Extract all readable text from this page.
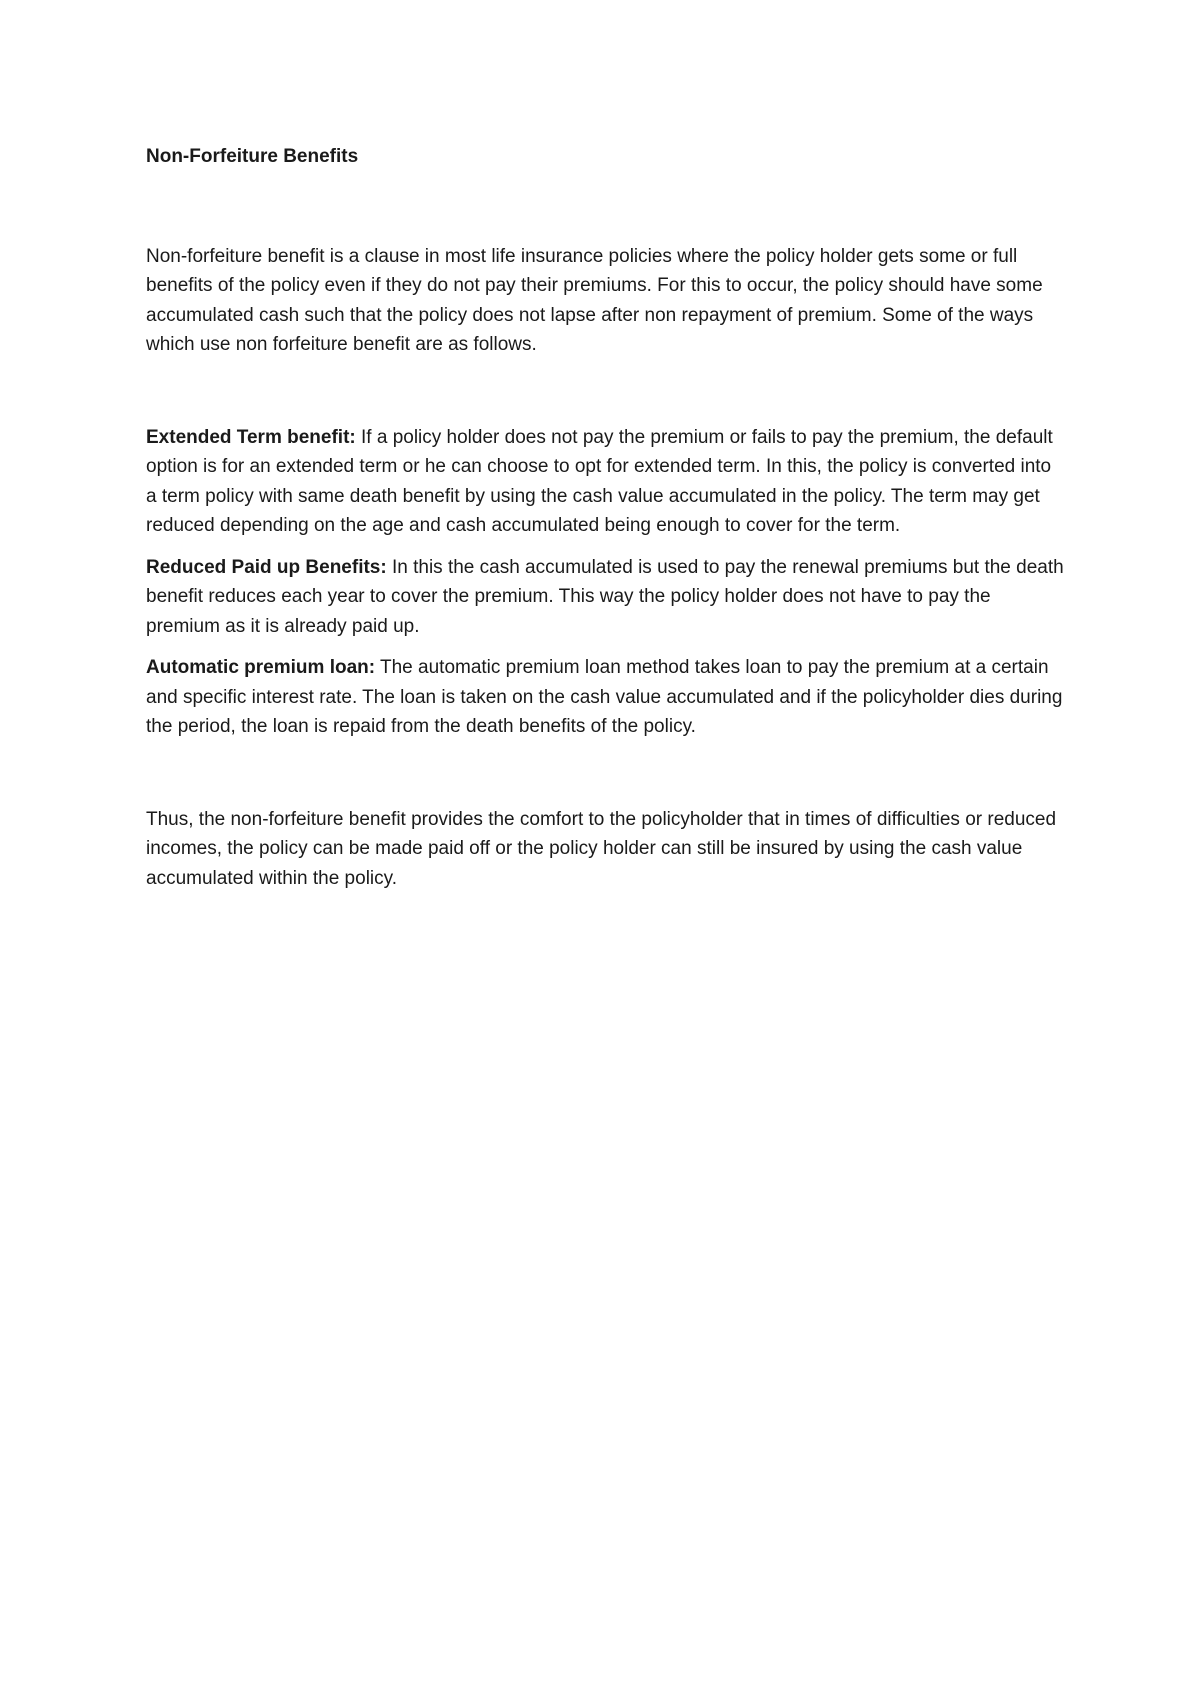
Non-Forfeiture Benefits

Non-forfeiture benefit is a clause in most life insurance policies where the policy holder gets some or full benefits of the policy even if they do not pay their premiums. For this to occur, the policy should have some accumulated cash such that the policy does not lapse after non repayment of premium. Some of the ways which use non forfeiture benefit are as follows.

Extended Term benefit: If a policy holder does not pay the premium or fails to pay the premium, the default option is for an extended term or he can choose to opt for extended term. In this, the policy is converted into a term policy with same death benefit by using the cash value accumulated in the policy. The term may get reduced depending on the age and cash accumulated being enough to cover for the term.

Reduced Paid up Benefits: In this the cash accumulated is used to pay the renewal premiums but the death benefit reduces each year to cover the premium. This way the policy holder does not have to pay the premium as it is already paid up.

Automatic premium loan: The automatic premium loan method takes loan to pay the premium at a certain and specific interest rate. The loan is taken on the cash value accumulated and if the policyholder dies during the period, the loan is repaid from the death benefits of the policy.

Thus, the non-forfeiture benefit provides the comfort to the policyholder that in times of difficulties or reduced incomes, the policy can be made paid off or the policy holder can still be insured by using the cash value accumulated within the policy.
